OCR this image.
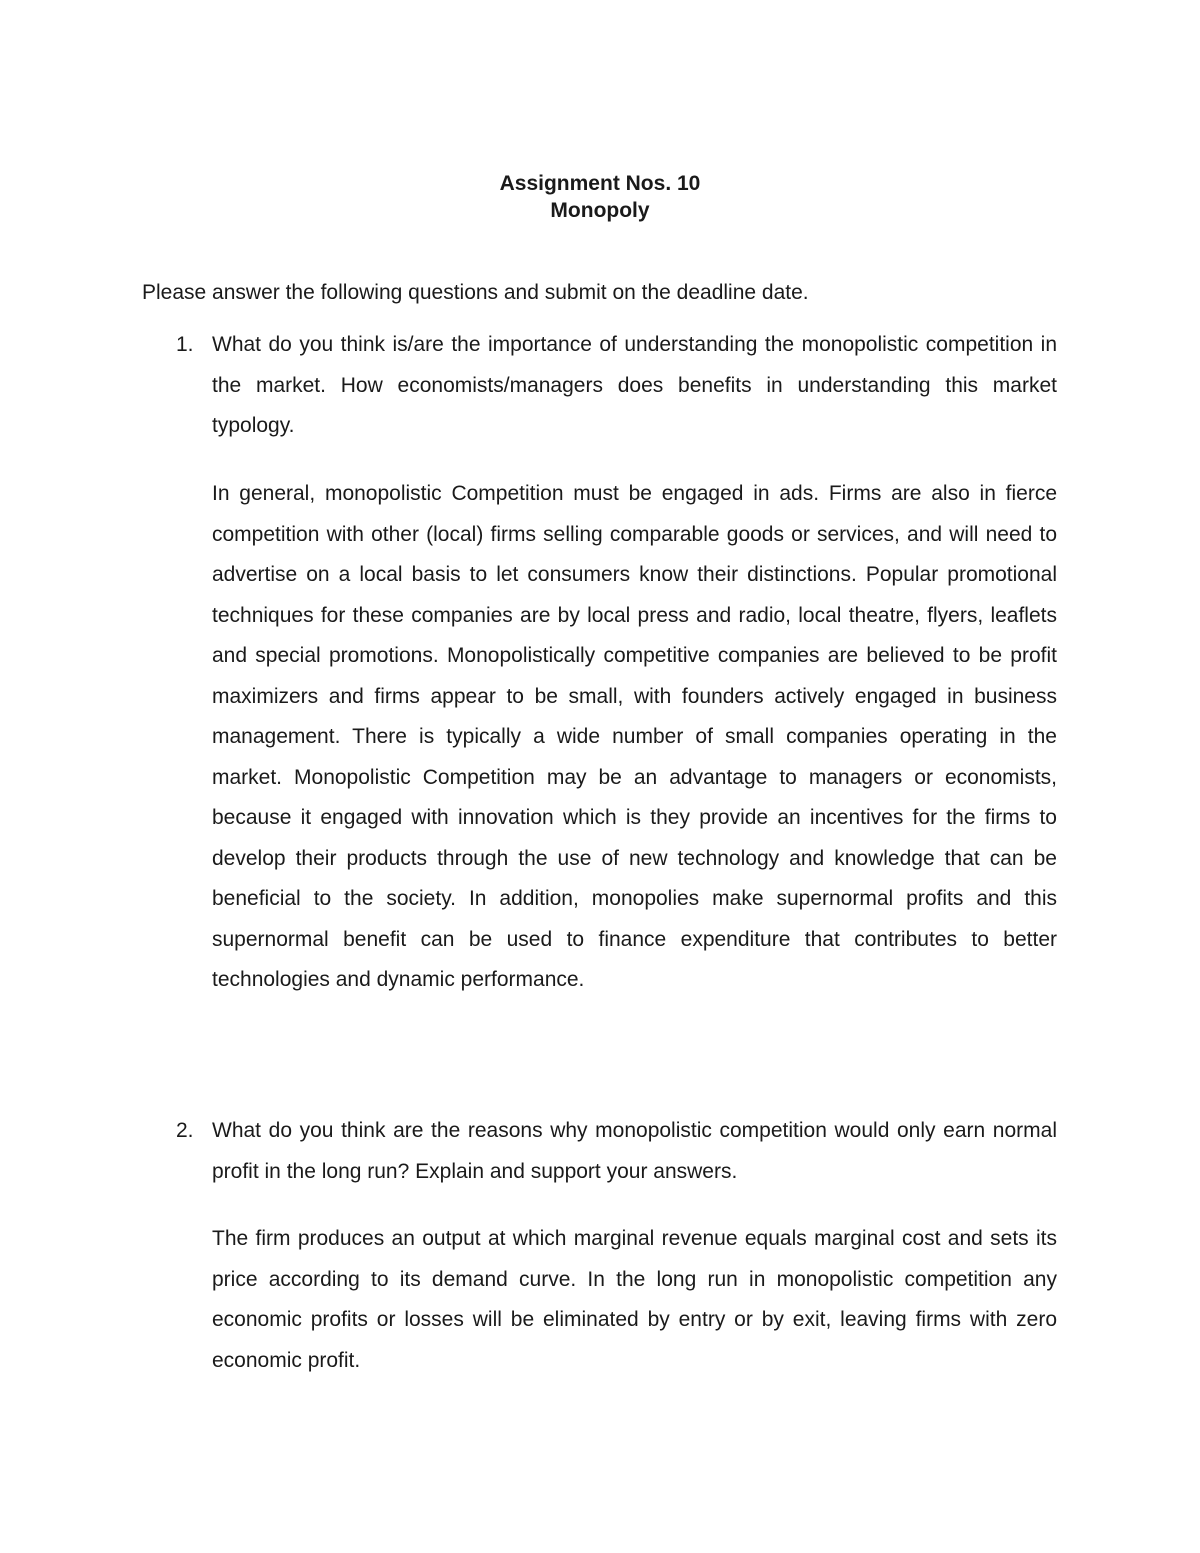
Assignment Nos. 10
Monopoly
Please answer the following questions and submit on the deadline date.
1. What do you think is/are the importance of understanding the monopolistic competition in the market. How economists/managers does benefits in understanding this market typology.
In general, monopolistic Competition must be engaged in ads. Firms are also in fierce competition with other (local) firms selling comparable goods or services, and will need to advertise on a local basis to let consumers know their distinctions. Popular promotional techniques for these companies are by local press and radio, local theatre, flyers, leaflets and special promotions. Monopolistically competitive companies are believed to be profit maximizers and firms appear to be small, with founders actively engaged in business management. There is typically a wide number of small companies operating in the market. Monopolistic Competition may be an advantage to managers or economists, because it engaged with innovation which is they provide an incentives for the firms to develop their products through the use of new technology and knowledge that can be beneficial to the society. In addition, monopolies make supernormal profits and this supernormal benefit can be used to finance expenditure that contributes to better technologies and dynamic performance.
2. What do you think are the reasons why monopolistic competition would only earn normal profit in the long run? Explain and support your answers.
The firm produces an output at which marginal revenue equals marginal cost and sets its price according to its demand curve. In the long run in monopolistic competition any economic profits or losses will be eliminated by entry or by exit, leaving firms with zero economic profit.
